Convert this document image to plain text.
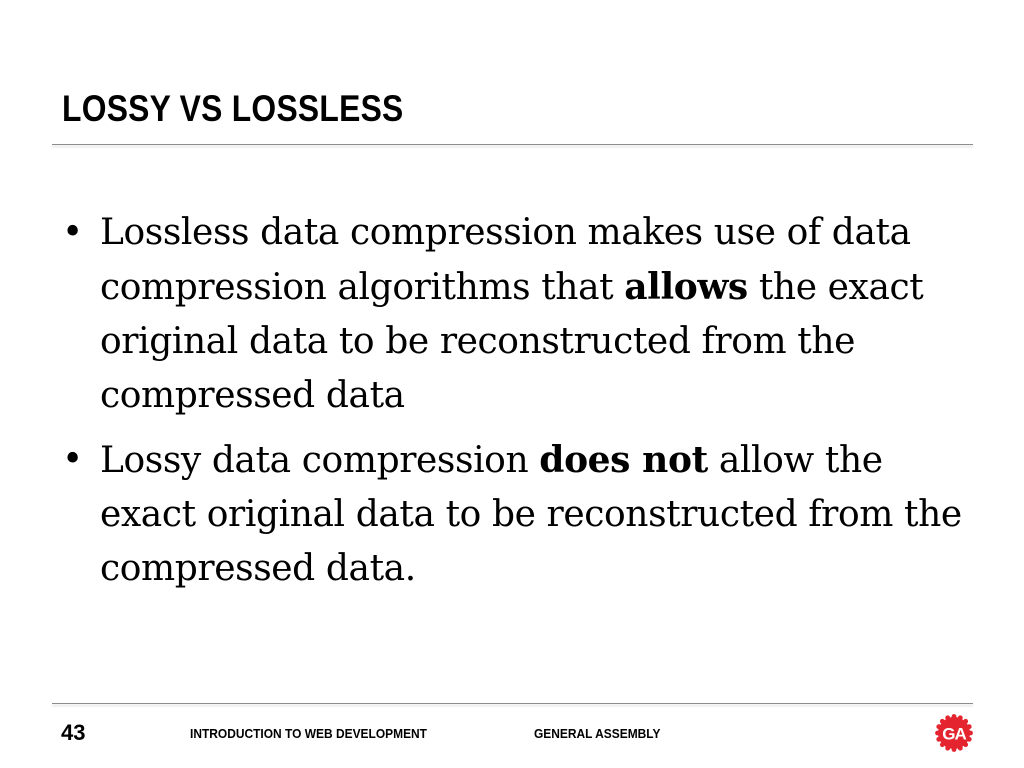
LOSSY VS LOSSLESS
• Lossless data compression makes use of data compression algorithms that allows the exact original data to be reconstructed from the compressed data
• Lossy data compression does not allow the exact original data to be reconstructed from the compressed data.
43	INTRODUCTION TO WEB DEVELOPMENT	GENERAL ASSEMBLY	GA
